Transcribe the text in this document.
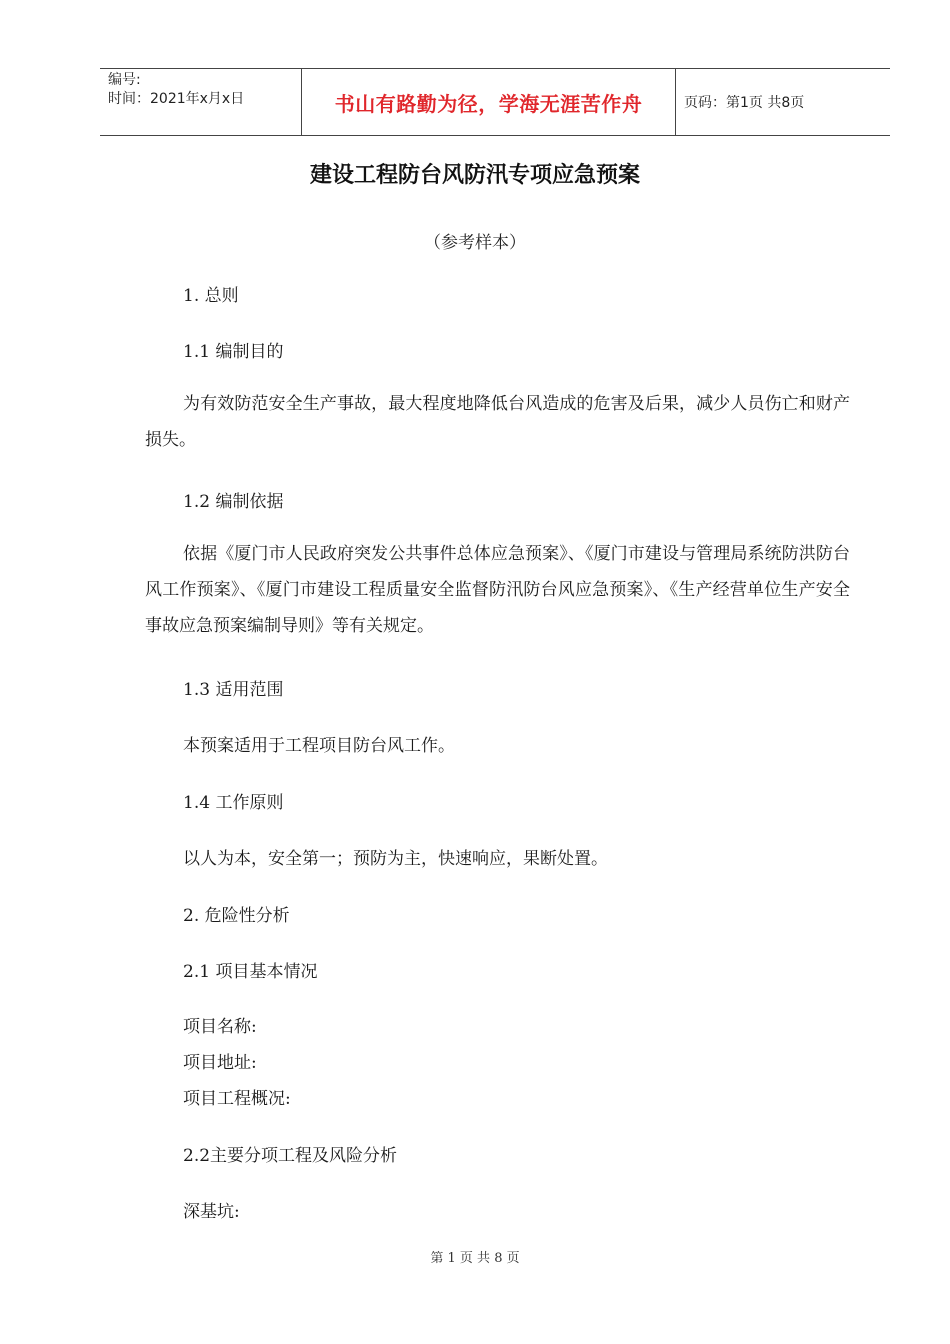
编号:
时间：2021年x月x日	书山有路勤为径，学海无涯苦作舟	页码：第1页 共8页
建设工程防台风防汛专项应急预案
（参考样本）
1. 总则
1.1 编制目的
为有效防范安全生产事故，最大程度地降低台风造成的危害及后果，减少人员伤亡和财产损失。
1.2 编制依据
依据《厦门市人民政府突发公共事件总体应急预案》、《厦门市建设与管理局系统防洪防台风工作预案》、《厦门市建设工程质量安全监督防汛防台风应急预案》、《生产经营单位生产安全事故应急预案编制导则》等有关规定。
1.3 适用范围
本预案适用于工程项目防台风工作。
1.4 工作原则
以人为本，安全第一；预防为主，快速响应，果断处置。
2. 危险性分析
2.1 项目基本情况
项目名称:
项目地址:
项目工程概况:
2.2主要分项工程及风险分析
深基坑:
第 1 页 共 8 页
